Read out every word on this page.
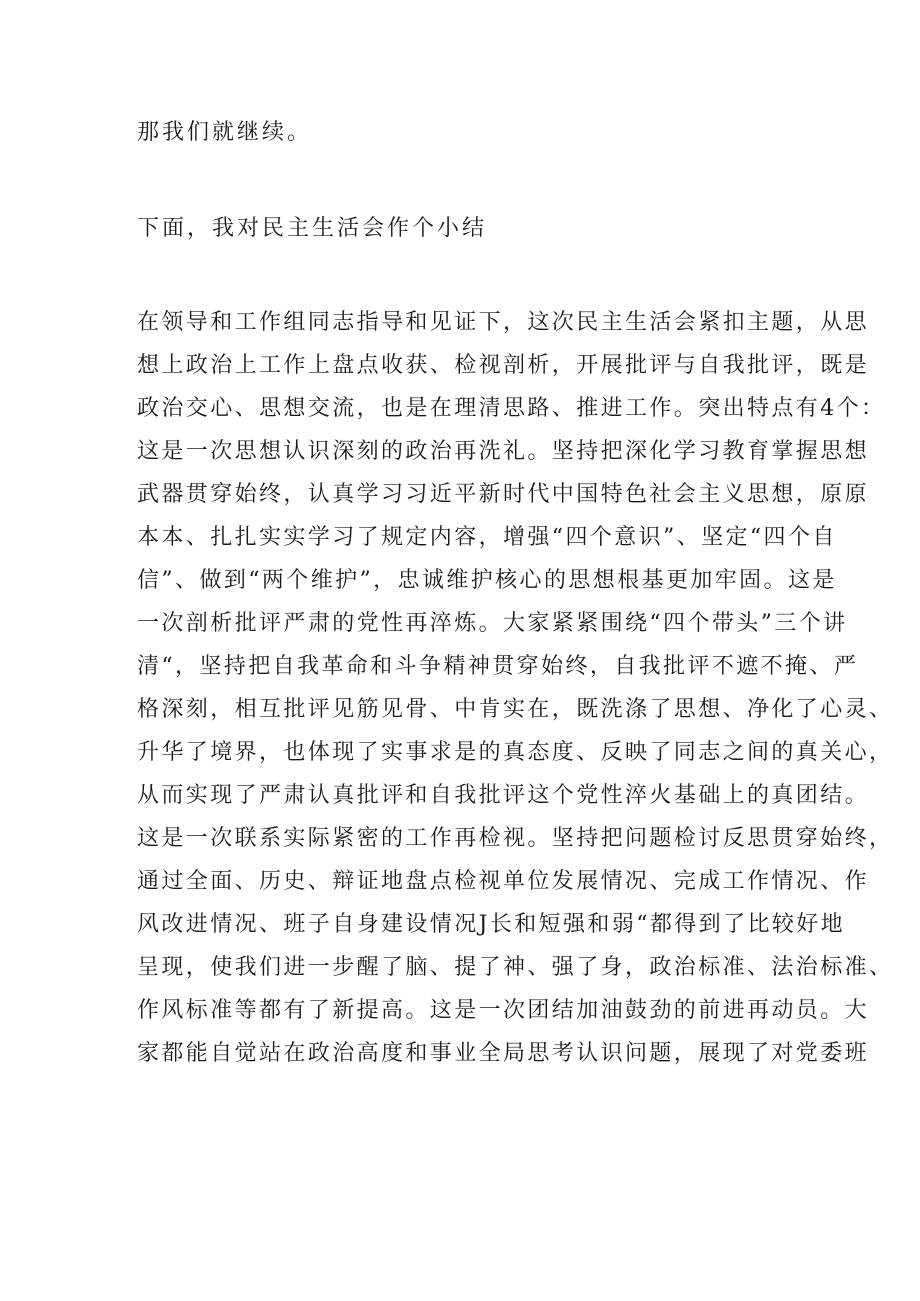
那我们就继续。

下面，我对民主生活会作个小结

在领导和工作组同志指导和见证下，这次民主生活会紧扣主题，从思
想上政治上工作上盘点收获、检视剖析，开展批评与自我批评，既是
政治交心、思想交流，也是在理清思路、推进工作。突出特点有4个：
这是一次思想认识深刻的政治再洗礼。坚持把深化学习教育掌握思想
武器贯穿始终，认真学习习近平新时代中国特色社会主义思想，原原
本本、扎扎实实学习了规定内容，增强“四个意识”、坚定“四个自
信”、做到“两个维护”，忠诚维护核心的思想根基更加牢固。这是
一次剖析批评严肃的党性再淬炼。大家紧紧围绕“四个带头”三个讲
清“，坚持把自我革命和斗争精神贯穿始终，自我批评不遮不掩、严
格深刻，相互批评见筋见骨、中肯实在，既洗涤了思想、净化了心灵、
升华了境界，也体现了实事求是的真态度、反映了同志之间的真关心，
从而实现了严肃认真批评和自我批评这个党性淬火基础上的真团结。
这是一次联系实际紧密的工作再检视。坚持把问题检讨反思贯穿始终，
通过全面、历史、辩证地盘点检视单位发展情况、完成工作情况、作
风改进情况、班子自身建设情况J长和短强和弱“都得到了比较好地
呈现，使我们进一步醒了脑、提了神、强了身，政治标准、法治标准、
作风标准等都有了新提高。这是一次团结加油鼓劲的前进再动员。大
家都能自觉站在政治高度和事业全局思考认识问题，展现了对党委班
